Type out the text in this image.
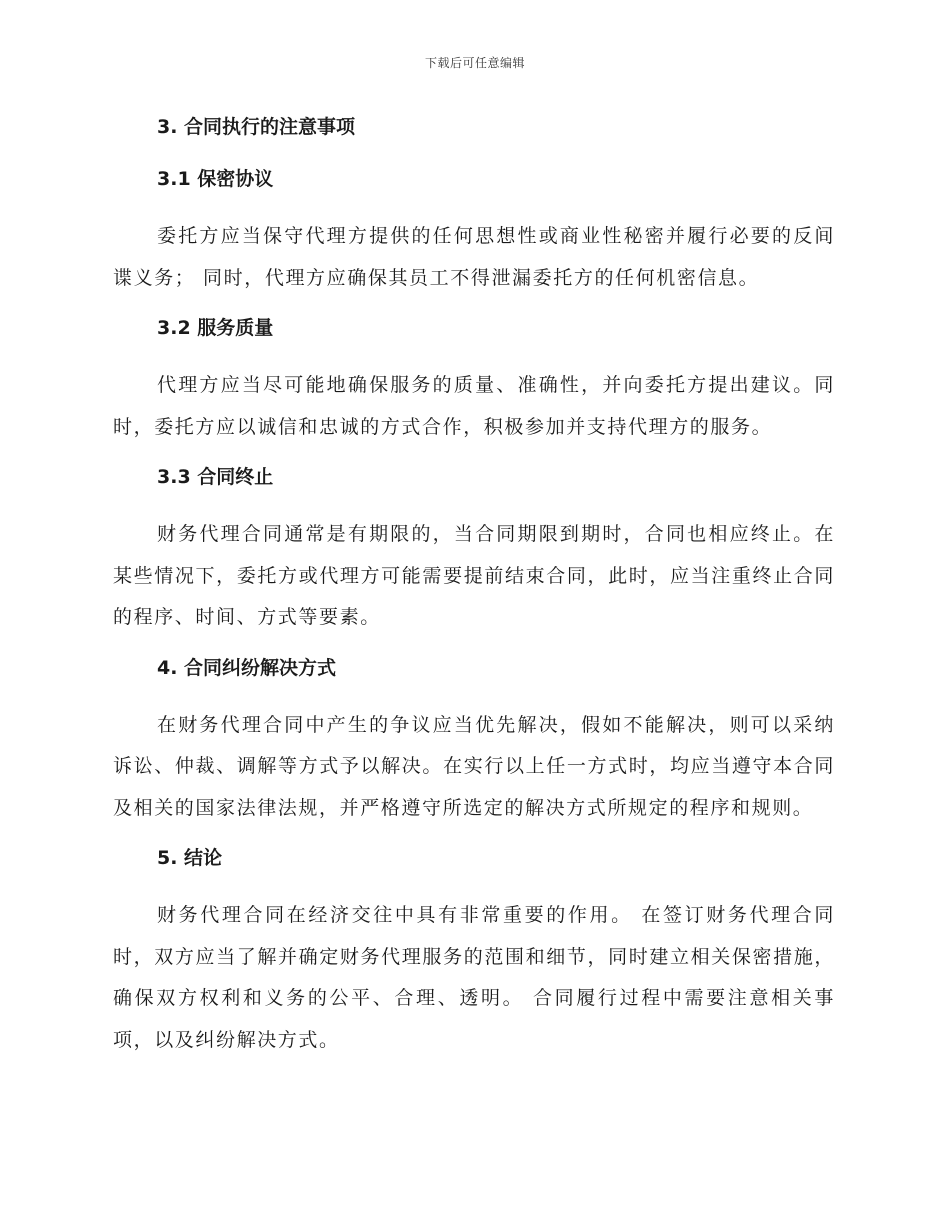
下载后可任意编辑
3. 合同执行的注意事项
3.1 保密协议

委托方应当保守代理方提供的任何思想性或商业性秘密并履行必要的反间谍义务； 同时，代理方应确保其员工不得泄漏委托方的任何机密信息。

3.2 服务质量

代理方应当尽可能地确保服务的质量、准确性，并向委托方提出建议。同时，委托方应以诚信和忠诚的方式合作，积极参加并支持代理方的服务。

3.3 合同终止

财务代理合同通常是有期限的，当合同期限到期时，合同也相应终止。在某些情况下，委托方或代理方可能需要提前结束合同，此时，应当注重终止合同的程序、时间、方式等要素。

4. 合同纠纷解决方式

在财务代理合同中产生的争议应当优先解决，假如不能解决，则可以采纳诉讼、仲裁、调解等方式予以解决。在实行以上任一方式时，均应当遵守本合同及相关的国家法律法规，并严格遵守所选定的解决方式所规定的程序和规则。

5. 结论

财务代理合同在经济交往中具有非常重要的作用。 在签订财务代理合同时，双方应当了解并确定财务代理服务的范围和细节，同时建立相关保密措施，确保双方权利和义务的公平、合理、透明。 合同履行过程中需要注意相关事项，以及纠纷解决方式。
